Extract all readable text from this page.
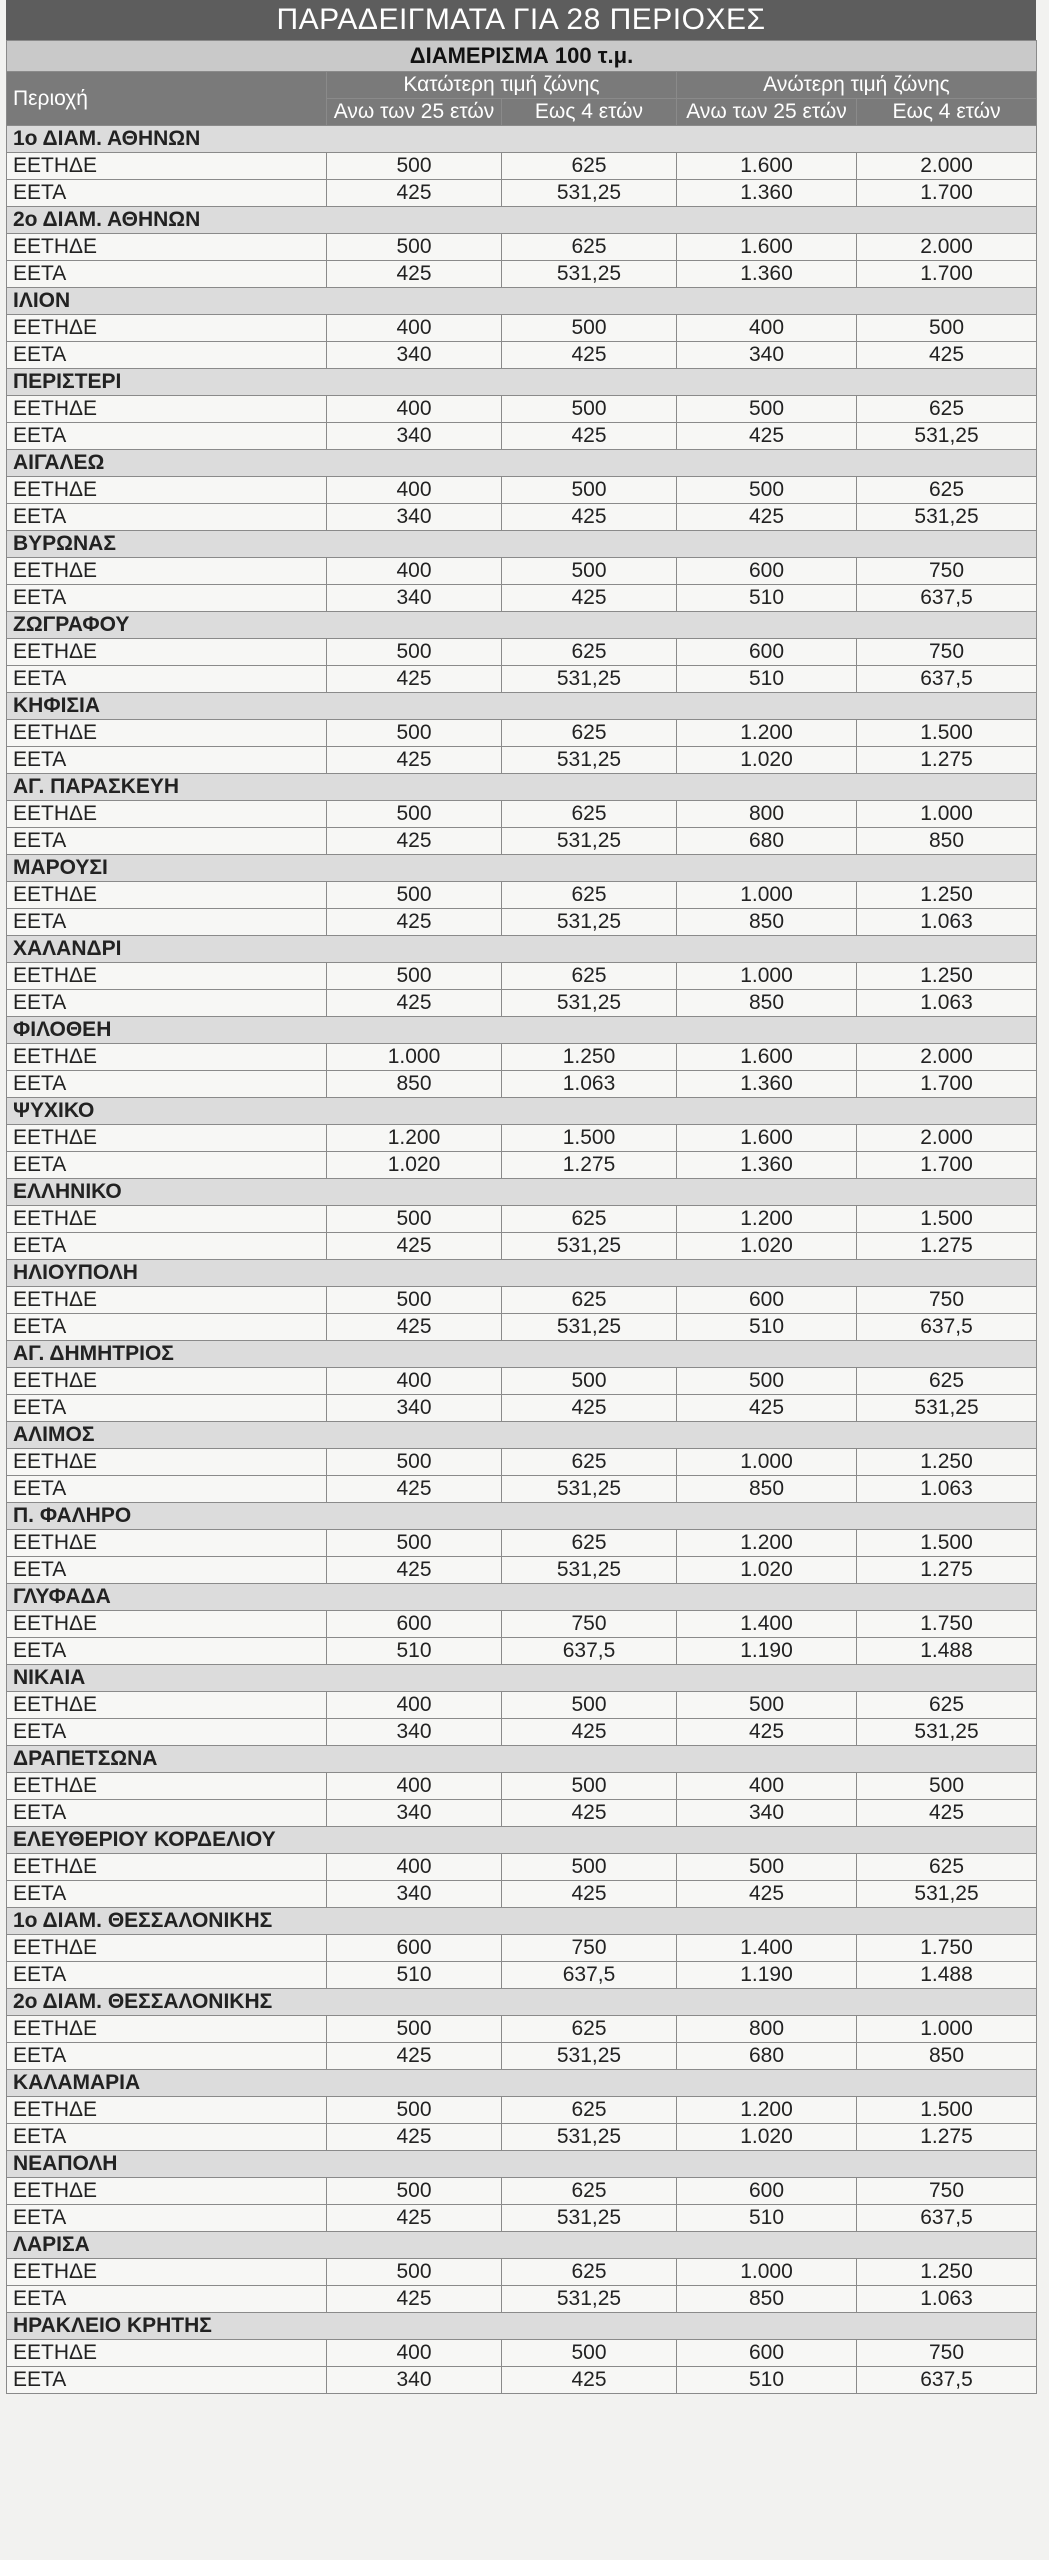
ΠΑΡΑΔΕΙΓΜΑΤΑ ΓΙΑ 28 ΠΕΡΙΟΧΕΣ
ΔΙΑΜΕΡΙΣΜΑ 100 τ.μ.				
Περιοχή	Κατώτερη τιμή ζώνης		Ανώτερη τιμή ζώνης	
	Ανω των 25 ετών	Εως 4 ετών	Ανω των 25 ετών	Εως 4 ετών
1ο ΔΙΑΜ. ΑΘΗΝΩΝ				
ΕΕΤΗΔΕ	500	625	1.600	2.000
ΕΕΤΑ	425	531,25	1.360	1.700
2ο ΔΙΑΜ. ΑΘΗΝΩΝ				
ΕΕΤΗΔΕ	500	625	1.600	2.000
ΕΕΤΑ	425	531,25	1.360	1.700
ΙΛΙΟΝ				
ΕΕΤΗΔΕ	400	500	400	500
ΕΕΤΑ	340	425	340	425
ΠΕΡΙΣΤΕΡΙ				
ΕΕΤΗΔΕ	400	500	500	625
ΕΕΤΑ	340	425	425	531,25
ΑΙΓΑΛΕΩ				
ΕΕΤΗΔΕ	400	500	500	625
ΕΕΤΑ	340	425	425	531,25
ΒΥΡΩΝΑΣ				
ΕΕΤΗΔΕ	400	500	600	750
ΕΕΤΑ	340	425	510	637,5
ΖΩΓΡΑΦΟΥ				
ΕΕΤΗΔΕ	500	625	600	750
ΕΕΤΑ	425	531,25	510	637,5
ΚΗΦΙΣΙΑ				
ΕΕΤΗΔΕ	500	625	1.200	1.500
ΕΕΤΑ	425	531,25	1.020	1.275
ΑΓ. ΠΑΡΑΣΚΕΥΗ				
ΕΕΤΗΔΕ	500	625	800	1.000
ΕΕΤΑ	425	531,25	680	850
ΜΑΡΟΥΣΙ				
ΕΕΤΗΔΕ	500	625	1.000	1.250
ΕΕΤΑ	425	531,25	850	1.063
ΧΑΛΑΝΔΡΙ				
ΕΕΤΗΔΕ	500	625	1.000	1.250
ΕΕΤΑ	425	531,25	850	1.063
ΦΙΛΟΘΕΗ				
ΕΕΤΗΔΕ	1.000	1.250	1.600	2.000
ΕΕΤΑ	850	1.063	1.360	1.700
ΨΥΧΙΚΟ				
ΕΕΤΗΔΕ	1.200	1.500	1.600	2.000
ΕΕΤΑ	1.020	1.275	1.360	1.700
ΕΛΛΗΝΙΚΟ				
ΕΕΤΗΔΕ	500	625	1.200	1.500
ΕΕΤΑ	425	531,25	1.020	1.275
ΗΛΙΟΥΠΟΛΗ				
ΕΕΤΗΔΕ	500	625	600	750
ΕΕΤΑ	425	531,25	510	637,5
ΑΓ. ΔΗΜΗΤΡΙΟΣ				
ΕΕΤΗΔΕ	400	500	500	625
ΕΕΤΑ	340	425	425	531,25
ΑΛΙΜΟΣ				
ΕΕΤΗΔΕ	500	625	1.000	1.250
ΕΕΤΑ	425	531,25	850	1.063
Π. ΦΑΛΗΡΟ				
ΕΕΤΗΔΕ	500	625	1.200	1.500
ΕΕΤΑ	425	531,25	1.020	1.275
ΓΛΥΦΑΔΑ				
ΕΕΤΗΔΕ	600	750	1.400	1.750
ΕΕΤΑ	510	637,5	1.190	1.488
ΝΙΚΑΙΑ				
ΕΕΤΗΔΕ	400	500	500	625
ΕΕΤΑ	340	425	425	531,25
ΔΡΑΠΕΤΣΩΝΑ				
ΕΕΤΗΔΕ	400	500	400	500
ΕΕΤΑ	340	425	340	425
ΕΛΕΥΘΕΡΙΟΥ ΚΟΡΔΕΛΙΟΥ				
ΕΕΤΗΔΕ	400	500	500	625
ΕΕΤΑ	340	425	425	531,25
1ο ΔΙΑΜ. ΘΕΣΣΑΛΟΝΙΚΗΣ				
ΕΕΤΗΔΕ	600	750	1.400	1.750
ΕΕΤΑ	510	637,5	1.190	1.488
2ο ΔΙΑΜ. ΘΕΣΣΑΛΟΝΙΚΗΣ				
ΕΕΤΗΔΕ	500	625	800	1.000
ΕΕΤΑ	425	531,25	680	850
ΚΑΛΑΜΑΡΙΑ				
ΕΕΤΗΔΕ	500	625	1.200	1.500
ΕΕΤΑ	425	531,25	1.020	1.275
ΝΕΑΠΟΛΗ				
ΕΕΤΗΔΕ	500	625	600	750
ΕΕΤΑ	425	531,25	510	637,5
ΛΑΡΙΣΑ				
ΕΕΤΗΔΕ	500	625	1.000	1.250
ΕΕΤΑ	425	531,25	850	1.063
ΗΡΑΚΛΕΙΟ ΚΡΗΤΗΣ				
ΕΕΤΗΔΕ	400	500	600	750
ΕΕΤΑ	340	425	510	637,5
